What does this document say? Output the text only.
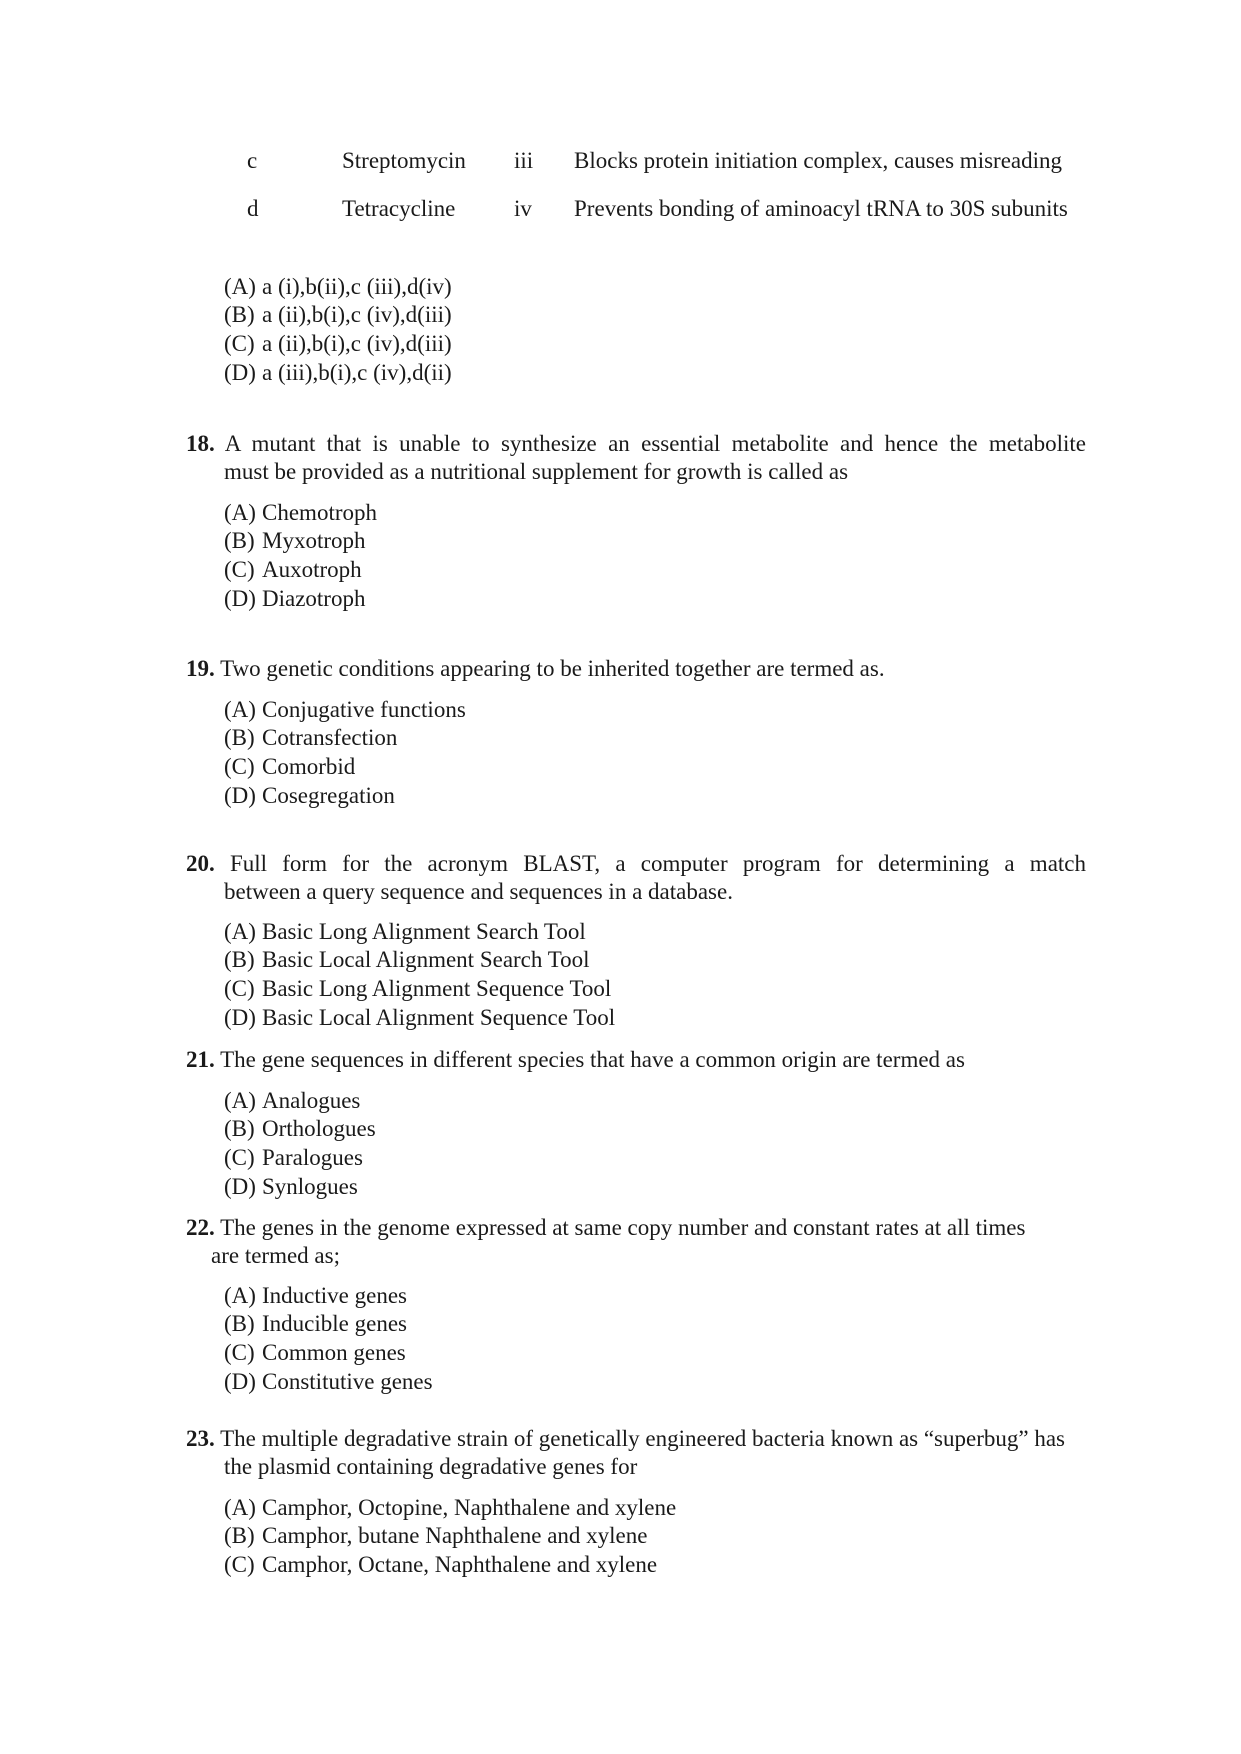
c	Streptomycin iii Blocks protein initiation complex, causes misreading
d	Tetracycline	iv Prevents bonding of aminoacyl tRNA to 30S subunits
(A) a (i),b(ii),c (iii),d(iv)
(B) a (ii),b(i),c (iv),d(iii)
(C) a (ii),b(i),c (iv),d(iii)
(D) a (iii),b(i),c (iv),d(ii)
18. A mutant that is unable to synthesize an essential metabolite and hence the metabolite
must be provided as a nutritional supplement for growth is called as
(A) Chemotroph
(B) Myxotroph
(C) Auxotroph
(D) Diazotroph
19. Two genetic conditions appearing to be inherited together are termed as.
(A) Conjugative functions
(B) Cotransfection
(C) Comorbid
(D) Cosegregation
20. Full form for the acronym BLAST, a computer program for determining a match
between a query sequence and sequences in a database.
(A) Basic Long Alignment Search Tool
(B) Basic Local Alignment Search Tool
(C) Basic Long Alignment Sequence Tool
(D) Basic Local Alignment Sequence Tool
21. The gene sequences in different species that have a common origin are termed as
(A) Analogues
(B) Orthologues
(C) Paralogues
(D) Synlogues
22. The genes in the genome expressed at same copy number and constant rates at all times
are termed as;
(A) Inductive genes
(B) Inducible genes
(C) Common genes
(D) Constitutive genes
23. The multiple degradative strain of genetically engineered bacteria known as “superbug” has
the plasmid containing degradative genes for
(A) Camphor, Octopine, Naphthalene and xylene
(B) Camphor, butane Naphthalene and xylene
(C) Camphor, Octane, Naphthalene and xylene
